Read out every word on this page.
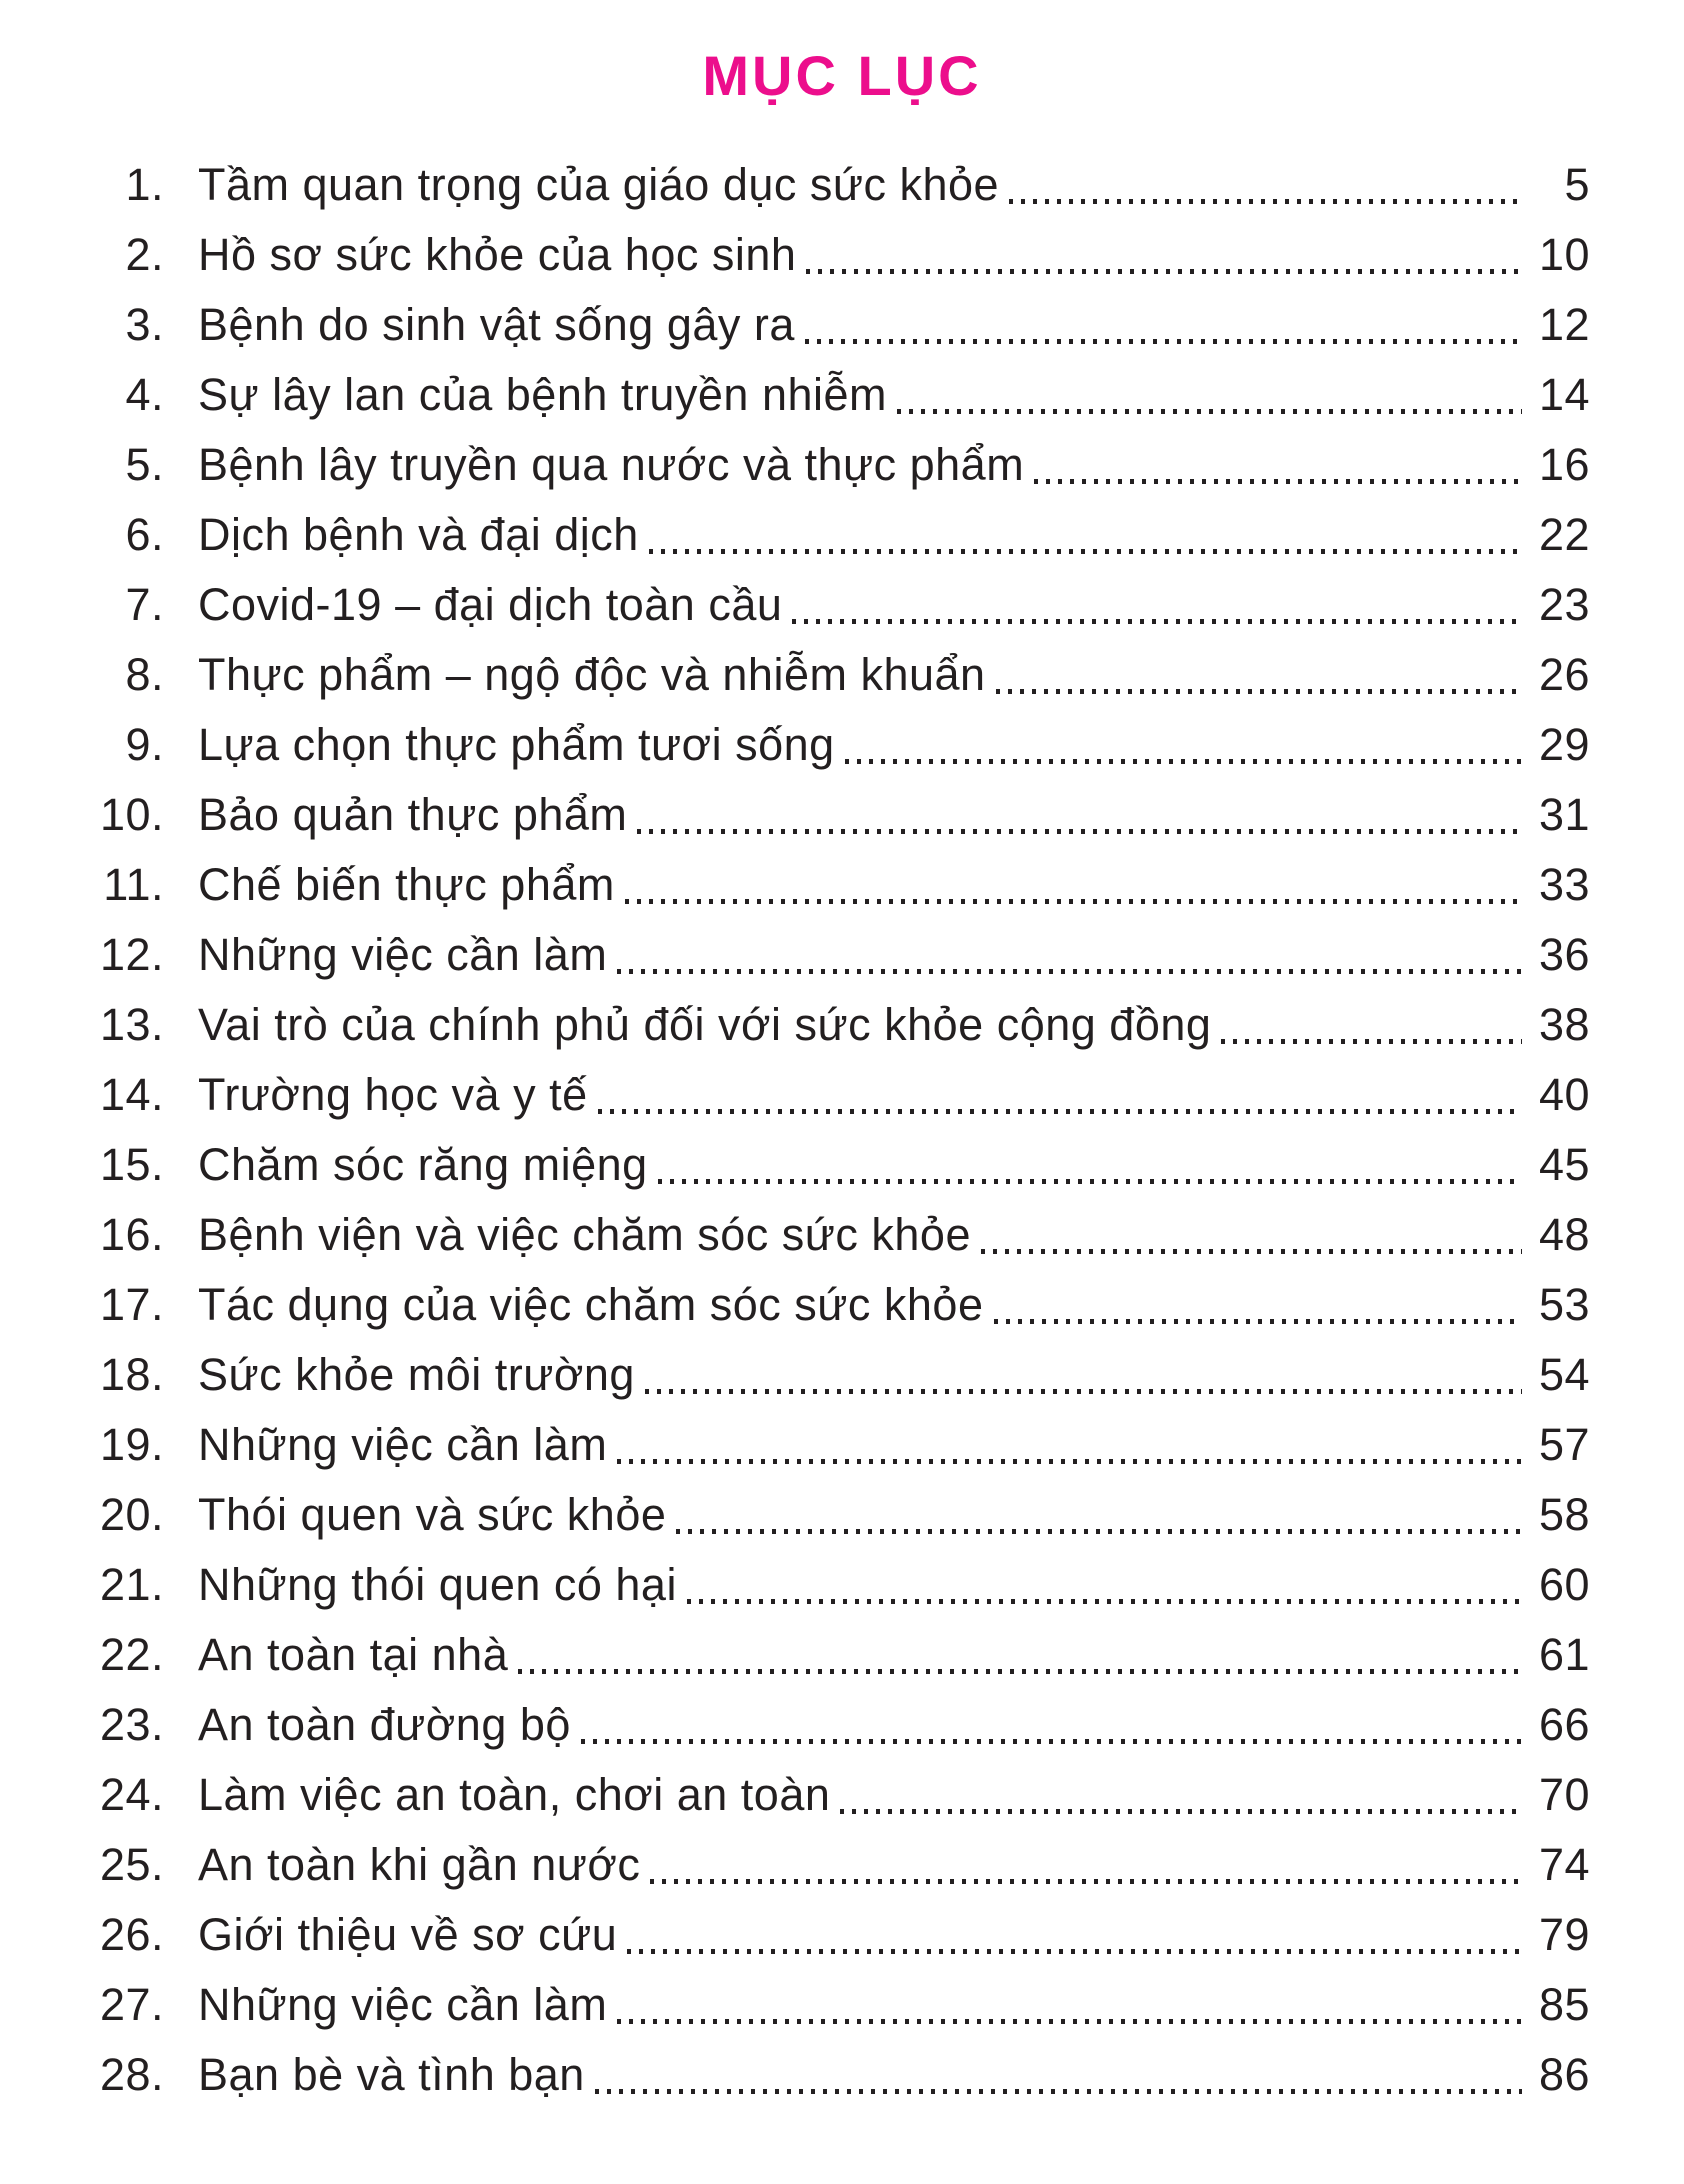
MỤC LỤC
1. Tầm quan trọng của giáo dục sức khỏe	5
2. Hồ sơ sức khỏe của học sinh	10
3. Bệnh do sinh vật sống gây ra	12
4. Sự lây lan của bệnh truyền nhiễm	14
5. Bệnh lây truyền qua nước và thực phẩm	16
6. Dịch bệnh và đại dịch	22
7. Covid-19 – đại dịch toàn cầu	23
8. Thực phẩm – ngộ độc và nhiễm khuẩn	26
9. Lựa chọn thực phẩm tươi sống	29
10. Bảo quản thực phẩm	31
11. Chế biến thực phẩm	33
12. Những việc cần làm	36
13. Vai trò của chính phủ đối với sức khỏe cộng đồng	38
14. Trường học và y tế	40
15. Chăm sóc răng miệng	45
16. Bệnh viện và việc chăm sóc sức khỏe	48
17. Tác dụng của việc chăm sóc sức khỏe	53
18. Sức khỏe môi trường	54
19. Những việc cần làm	57
20. Thói quen và sức khỏe	58
21. Những thói quen có hại	60
22. An toàn tại nhà	61
23. An toàn đường bộ	66
24. Làm việc an toàn, chơi an toàn	70
25. An toàn khi gần nước	74
26. Giới thiệu về sơ cứu	79
27. Những việc cần làm	85
28. Bạn bè và tình bạn	86
